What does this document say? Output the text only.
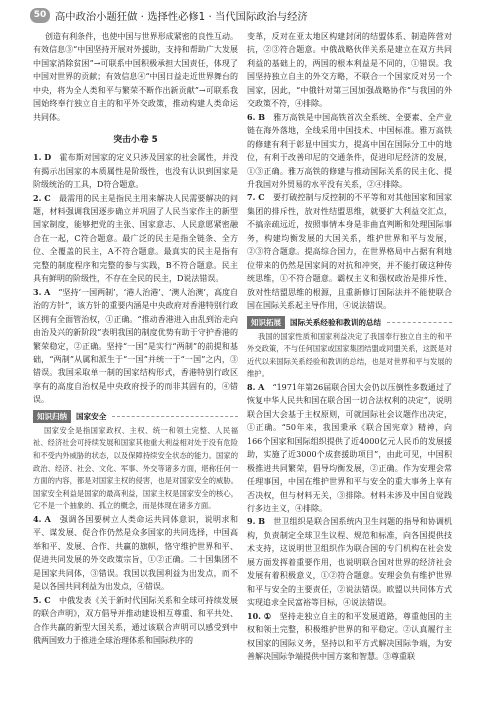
50 高中政治小题狂做 · 选择性必修1 · 当代国际政治与经济

创造有利条件，也使中国与世界形成紧密的良性互动。有效信息③“中国坚持开展对外援助，支持和帮助广大发展中国家消除贫困”→可联系中国积极承担大国责任，体现了中国对世界的贡献；有效信息④“中国日益走近世界舞台的中央，将为全人类和平与繁荣不断作出新贡献”→可联系我国始终奉行独立自主的和平外交政策，推动构建人类命运共同体。

突击小卷 5

1. D　 霍布斯对国家的定义只涉及国家的社会属性，并没有揭示出国家的本质属性是阶级性，也没有认识到国家是阶级统治的工具，D符合题意。

2. C　 最需用的民主是指民主用来解决人民需要解决的问题，材料强调我国逐步确立并巩固了人民当家作主的新型国家制度，能够把党的主张、国家意志、人民意愿紧密融合在一起，C符合题意。最广泛的民主是指全链条、全方位、全覆盖的民主，A不符合题意。最真实的民主是指有完整的制度程序和完整的参与实践，B不符合题意。民主具有鲜明的阶级性，不存在全民的民主，D说法错误。

3. A　 “坚持‘一国两制’，‘港人治港’、‘澳人治澳’，高度自治的方针”，该方针的重要内涵是中央政府对香港特别行政区拥有全面管治权，①正确。“推动香港进入由乱到治走向由治及兴的新阶段”表明我国的制度优势有助于守护香港的繁荣稳定，②正确。坚持“一国”是实行“两制”的前提和基础，“两制”从属和派生于“一国”并统一于“一国”之内，③错误。我国采取单一制的国家结构形式，香港特别行政区享有的高度自治权是中央政府授予的而非其固有的，④错误。

知识归纳	国家安全

国家安全是指国家政权、主权、统一和领土完整、人民福祉、经济社会可持续发展和国家其他重大利益相对处于没有危险和不受内外威胁的状态，以及保障持续安全状态的能力。国家的政治、经济、社会、文化、军事、外交等诸多方面，堪称任何一方面的内容，都是对国家主权的侵害，也是对国家安全的威胁。国家安全利益是国家的最高利益，国家主权是国家安全的核心，它不是一个抽象的、孤立的概念，而是体现在诸多方面。

4. A　 强调各国要树立人类命运共同体意识，说明求和平、谋发展、促合作仍然是众多国家的共同选择，中国高举和平、发展、合作、共赢的旗帜，恪守维护世界和平、促进共同发展的外交政策宗旨，①②正确。二十国集团不是国家共同体，③错误。我国以我国利益为出发点，而不是以各国共同利益为出发点，④错误。

5. C　 中俄发表《关于新时代国际关系和全球可持续发展的联合声明》，双方倡导并推动建设相互尊重、和平共处、合作共赢的新型大国关系，通过该联合声明可以感受到中俄两国致力于推进全球治理体系和国际秩序的

变革，反对在亚太地区构建封闭的结盟体系、制造阵营对抗，②③符合题意。中俄战略伙伴关系是建立在双方共同利益的基础上的，两国的根本利益是不同的，①错误。我国坚持独立自主的外交方略，不联合一个国家反对另一个国家，因此，“中俄针对第三国加强战略协作”与我国的外交政策不符，④排除。

6. B　 雅万高铁是中国高铁首次全系统、全要素、全产业链在海外落地，全线采用中国技术、中国标准。雅万高铁的修建有利于彰显中国实力，提高中国在国际分工中的地位，有利于改善印尼的交通条件，促进印尼经济的发展，①③正确。雅万高铁的修建与推动国际关系的民主化、提升我国对外贸易的水平没有关系，②④排除。

7. C　 要打破控制与反控制的不平等和对其他国家和国家集团的排斥性，放对性结盟思维，就要扩大利益交汇点，不搞亲疏远近，按照事情本身是非曲直判断和处理国际事务，构建均衡发展的大国关系，维护世界和平与发展，②③符合题意。提高综合国力，在世界格局中占据有利地位带来的仍然是国家间的对抗和冲突，并不能打破这种传统思维，①不符合题意。霸权主义和强权政治是排斥性、放对性结盟思维的根源，且重新修订国际法并不能使联合国在国际关系起主导作用，④说法错误。

知识拓展	国际关系经验和教训的总结

我国的国家性质和国家利益决定了我国奉行独立自主的和平外交政策，不与任何国家或国家集团结盟或同盟关系，这既是对近代以来国际关系经验和教训的总结，也是对世界和平与发展的维护。

8. A　 “1971年第26届联合国大会仍以压倒性多数通过了恢复中华人民共和国在联合国一切合法权利的决定”，说明联合国大会基于主权原则，可就国际社会议题作出决定，①正确。“50年来，我国秉承《联合国宪章》精神，向166个国家和国际组织提供了近4000亿元人民币的发展援助，实施了近3000个成套援助项目”，由此可见，中国积极推进共同繁荣，倡导均衡发展，②正确。作为安理会常任理事国，中国在维护世界和平与安全的重大事务上享有否决权，但与材料无关，③排除。材料未涉及中国自觉践行多边主义，④排除。

9. B　 世卫组织是联合国系统内卫生问题的指导和协调机构，负责制定全球卫生议程、规范和标准，向各国提供技术支持，这说明世卫组织作为联合国的专门机构在社会发展方面发挥着重要作用，也说明联合国对世界的经济社会发展有着积极意义，①②符合题意。安理会负有维护世界和平与安全的主要责任，②说法错误。欧盟以共同体方式实现追求全民富裕等目标，④说法错误。

10. ①　 坚持走独立自主的和平发展道路，尊重他国的主权和领土完整，积极维护世界的和平稳定。②认真履行主权国家的国际义务，坚持以和平方式解决国际争端，为安善解决国际争端提供中国方案和智慧。③尊重联
